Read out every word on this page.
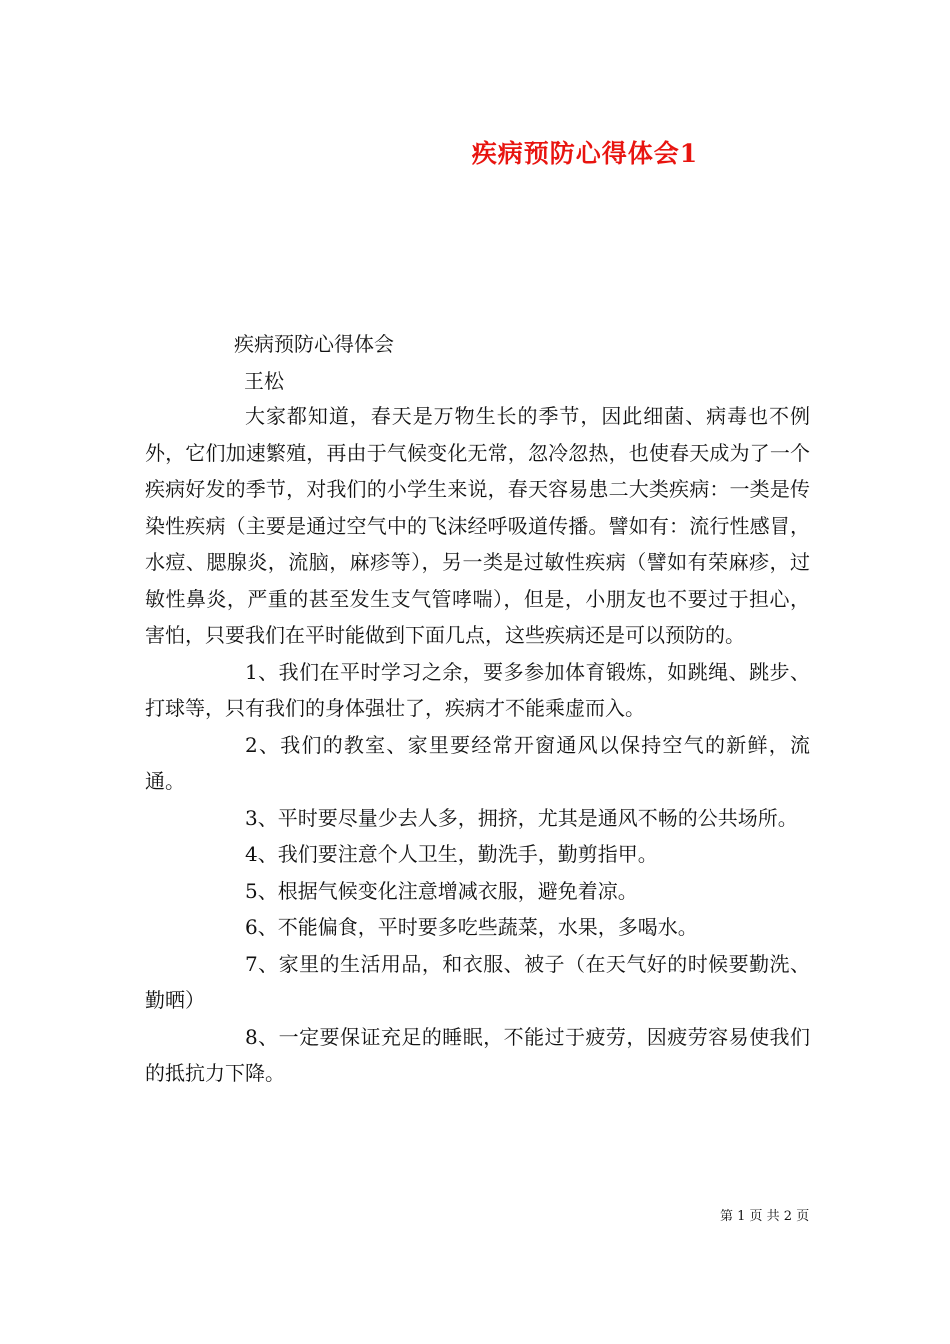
疾病预防心得体会1
疾病预防心得体会
王松

大家都知道，春天是万物生长的季节，因此细菌、病毒也不例外，它们加速繁殖，再由于气候变化无常，忽冷忽热，也使春天成为了一个疾病好发的季节，对我们的小学生来说，春天容易患二大类疾病：一类是传染性疾病（主要是通过空气中的飞沫经呼吸道传播。譬如有：流行性感冒，水痘、腮腺炎，流脑，麻疹等），另一类是过敏性疾病（譬如有荣麻疹，过敏性鼻炎，严重的甚至发生支气管哮喘），但是，小朋友也不要过于担心，害怕，只要我们在平时能做到下面几点，这些疾病还是可以预防的。

1、我们在平时学习之余，要多参加体育锻炼，如跳绳、跳步、打球等，只有我们的身体强壮了，疾病才不能乘虚而入。

2、我们的教室、家里要经常开窗通风以保持空气的新鲜，流通。

3、平时要尽量少去人多，拥挤，尤其是通风不畅的公共场所。

4、我们要注意个人卫生，勤洗手，勤剪指甲。

5、根据气候变化注意增减衣服，避免着凉。

6、不能偏食，平时要多吃些蔬菜，水果，多喝水。

7、家里的生活用品，和衣服、被子（在天气好的时候要勤洗、勤晒）

8、一定要保证充足的睡眠，不能过于疲劳，因疲劳容易使我们的抵抗力下降。

第 1 页 共 2 页
